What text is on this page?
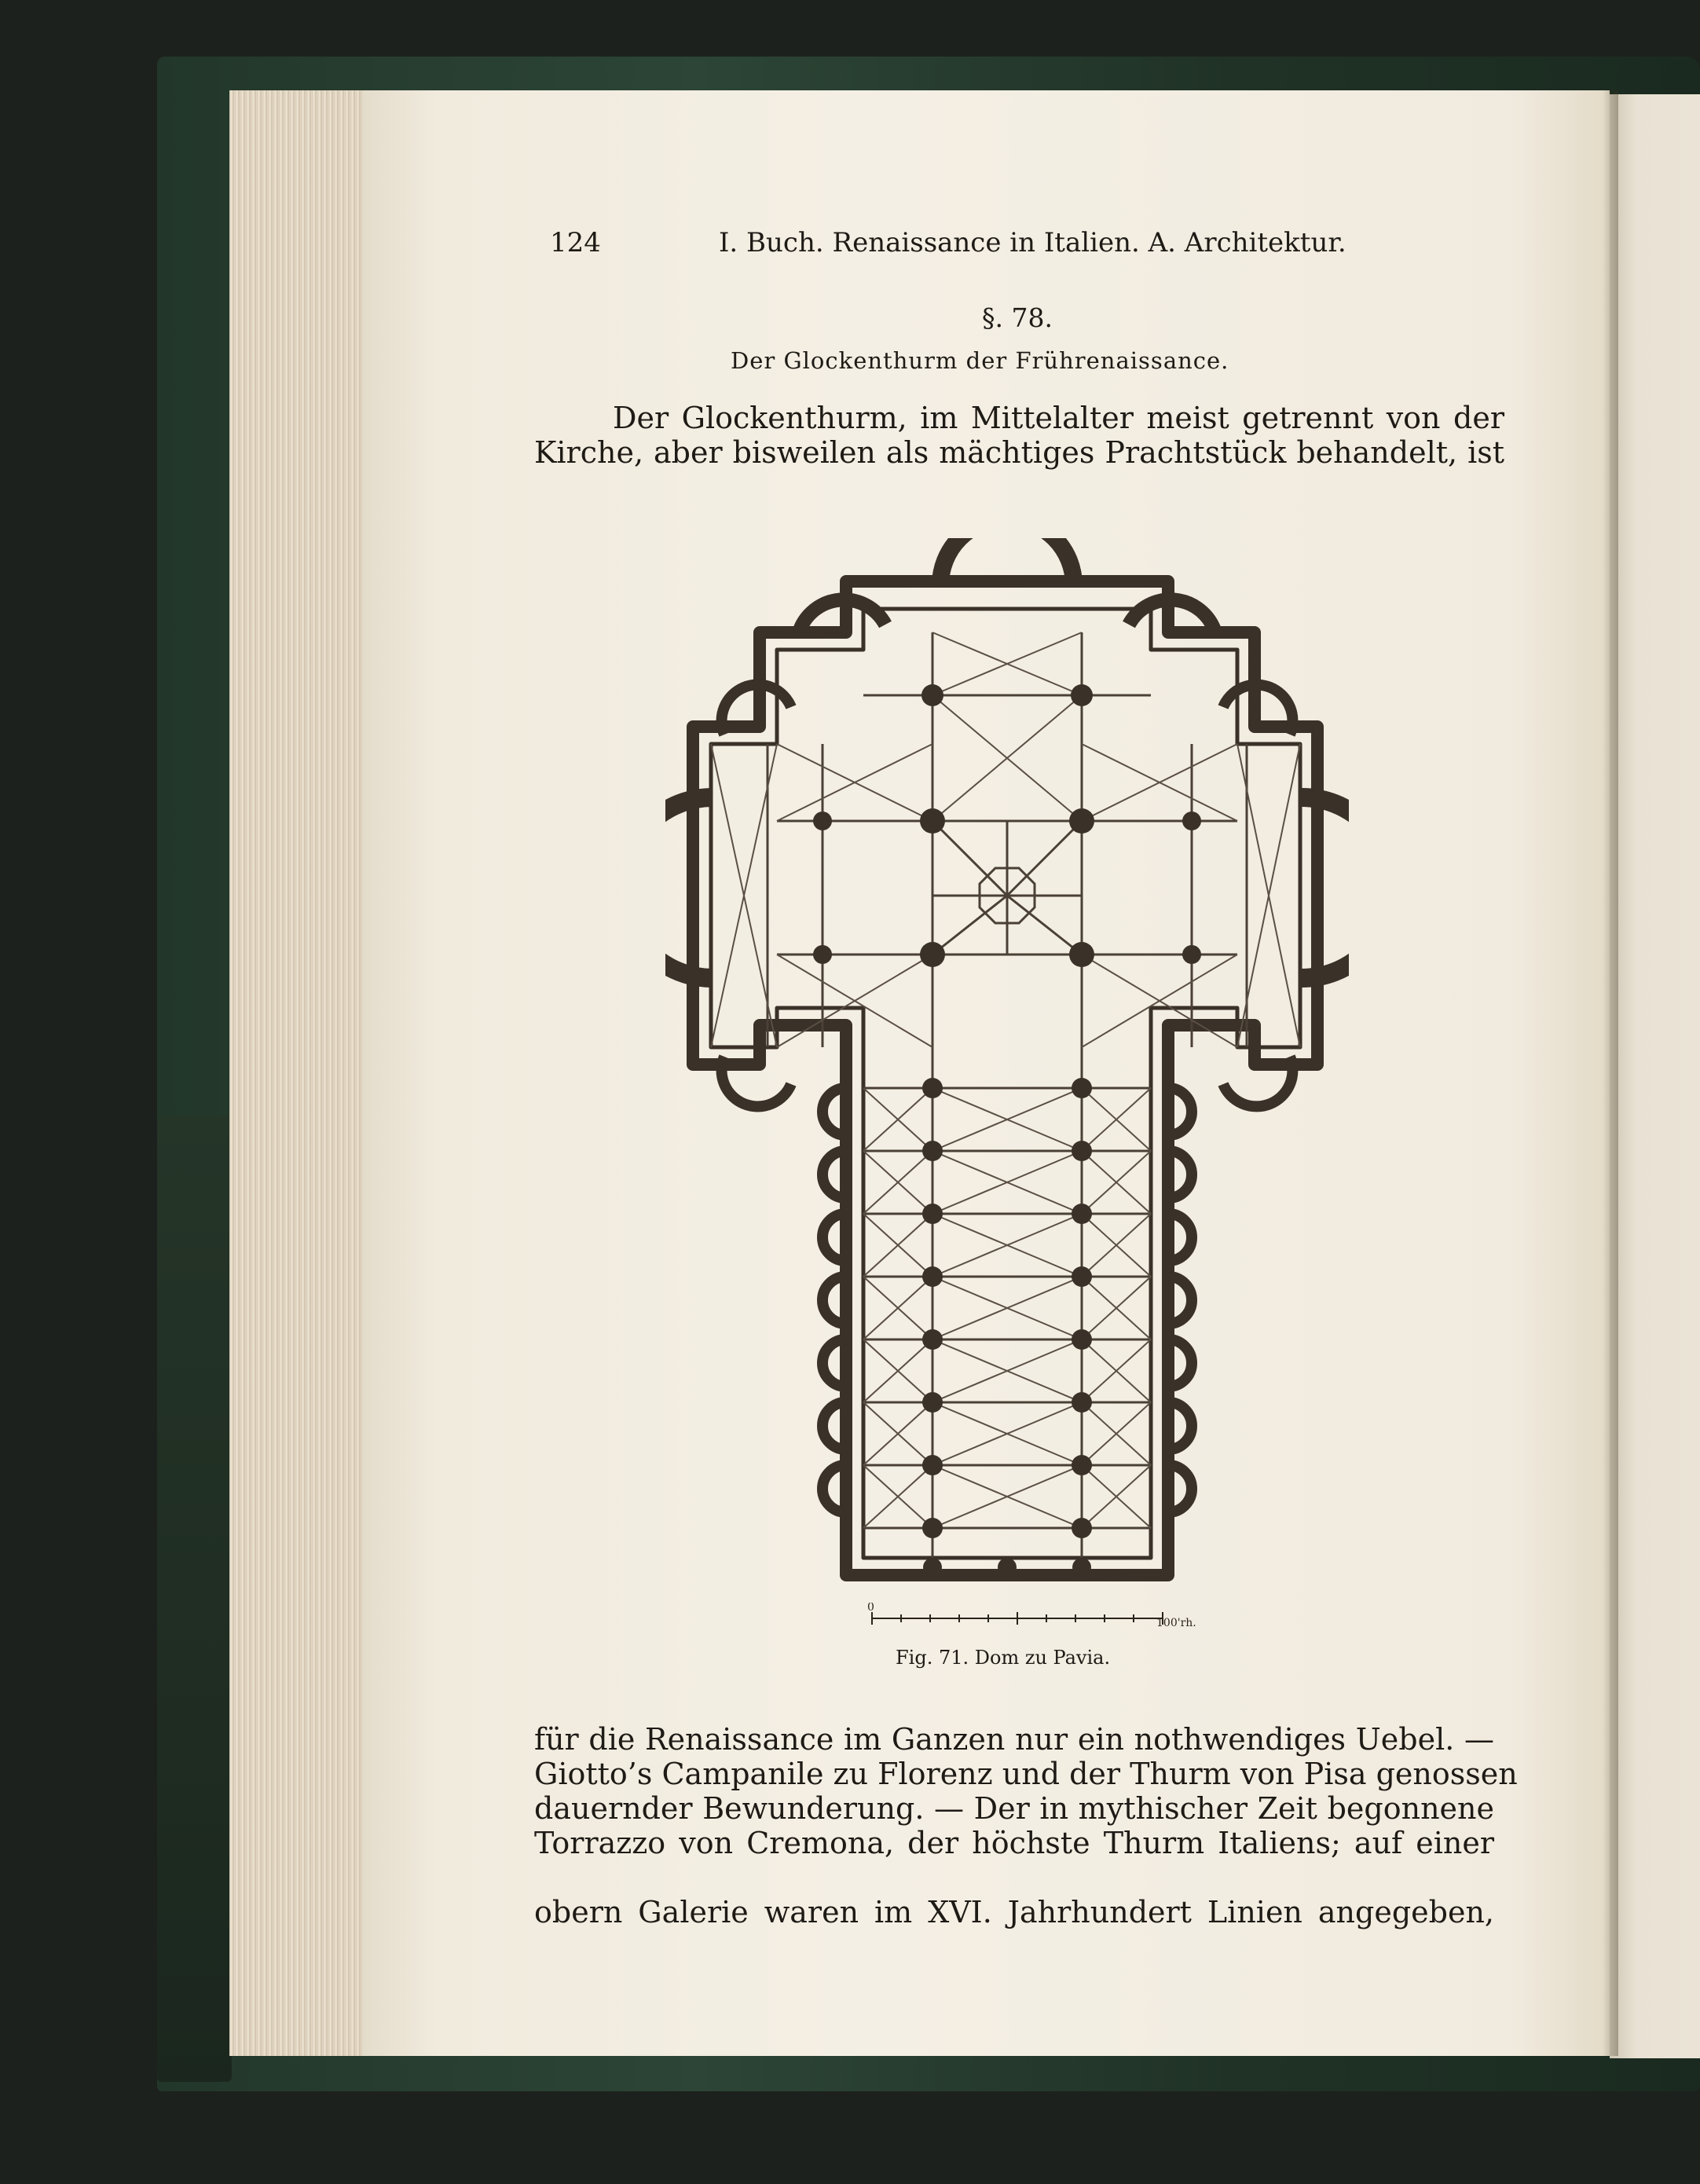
124	I. Buch. Renaissance in Italien. A. Architektur.
§. 78.
Der Glockenthurm der Frührenaissance.

Der Glockenthurm, im Mittelalter meist getrennt von der

Kirche, aber bisweilen als mächtiges Prachtstück behandelt, ist

0
100'rh.
Fig. 71. Dom zu Pavia.

für die Renaissance im Ganzen nur ein nothwendiges Uebel. —

Giotto’s Campanile zu Florenz und der Thurm von Pisa genossen

dauernder Bewunderung. — Der in mythischer Zeit begonnene

Torrazzo von Cremona, der höchste Thurm Italiens; auf einer

obern Galerie waren im XVI. Jahrhundert Linien angegeben,
